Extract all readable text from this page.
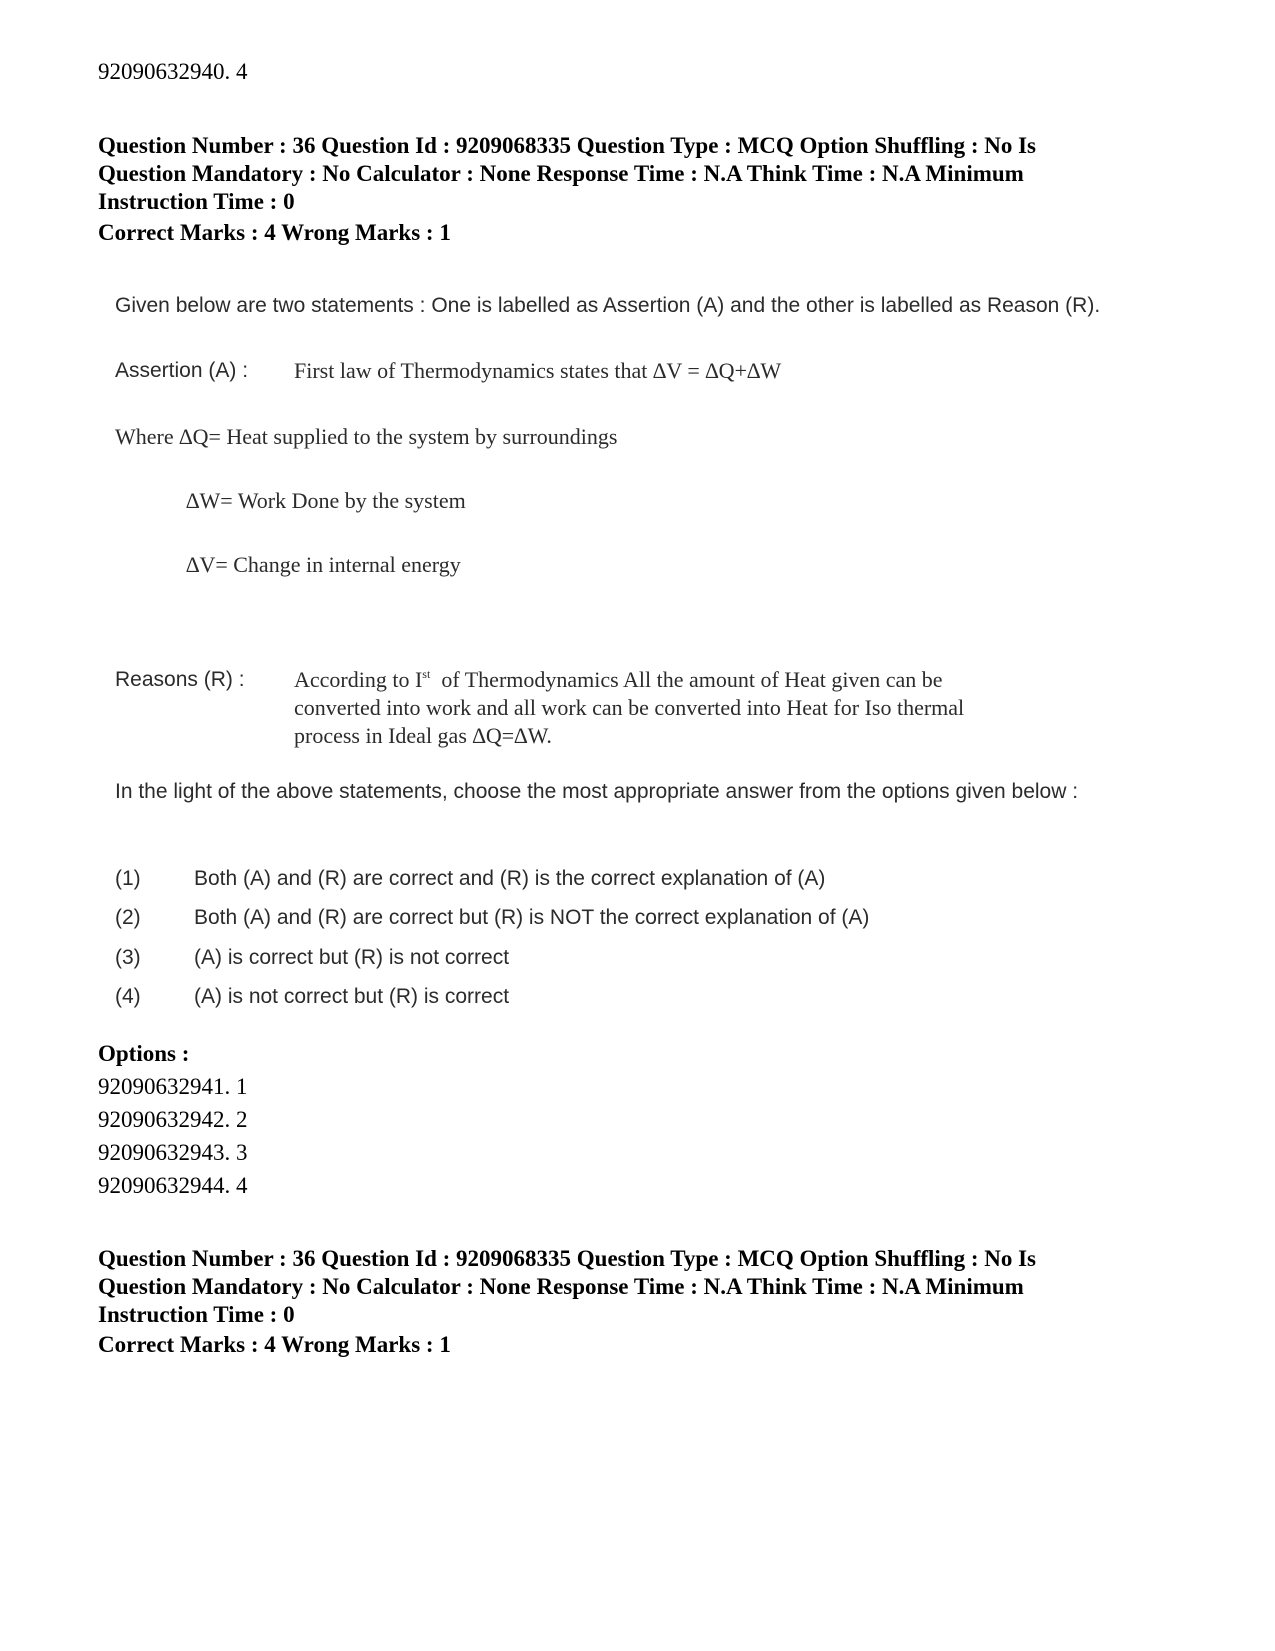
92090632940. 4
Question Number : 36 Question Id : 9209068335 Question Type : MCQ Option Shuffling : No Is
Question Mandatory : No Calculator : None Response Time : N.A Think Time : N.A Minimum
Instruction Time : 0
Correct Marks : 4 Wrong Marks : 1
Given below are two statements : One is labelled as Assertion (A) and the other is labelled as Reason (R).
Assertion (A) : First law of Thermodynamics states that ∆V = ∆Q+∆W
Where ∆Q= Heat supplied to the system by surroundings
∆W= Work Done by the system
∆V= Change in internal energy
Reasons (R) : According to Ist  of Thermodynamics All the amount of Heat given can be
converted into work and all work can be converted into Heat for Iso thermal
process in Ideal gas ∆Q=∆W.
In the light of the above statements, choose the most appropriate answer from the options given below :
(1)	Both (A) and (R) are correct and (R) is the correct explanation of (A)
(2)	Both (A) and (R) are correct but (R) is NOT the correct explanation of (A)
(3)	(A) is correct but (R) is not correct
(4)	(A) is not correct but (R) is correct
Options :
92090632941. 1
92090632942. 2
92090632943. 3
92090632944. 4
Question Number : 36 Question Id : 9209068335 Question Type : MCQ Option Shuffling : No Is
Question Mandatory : No Calculator : None Response Time : N.A Think Time : N.A Minimum
Instruction Time : 0
Correct Marks : 4 Wrong Marks : 1
